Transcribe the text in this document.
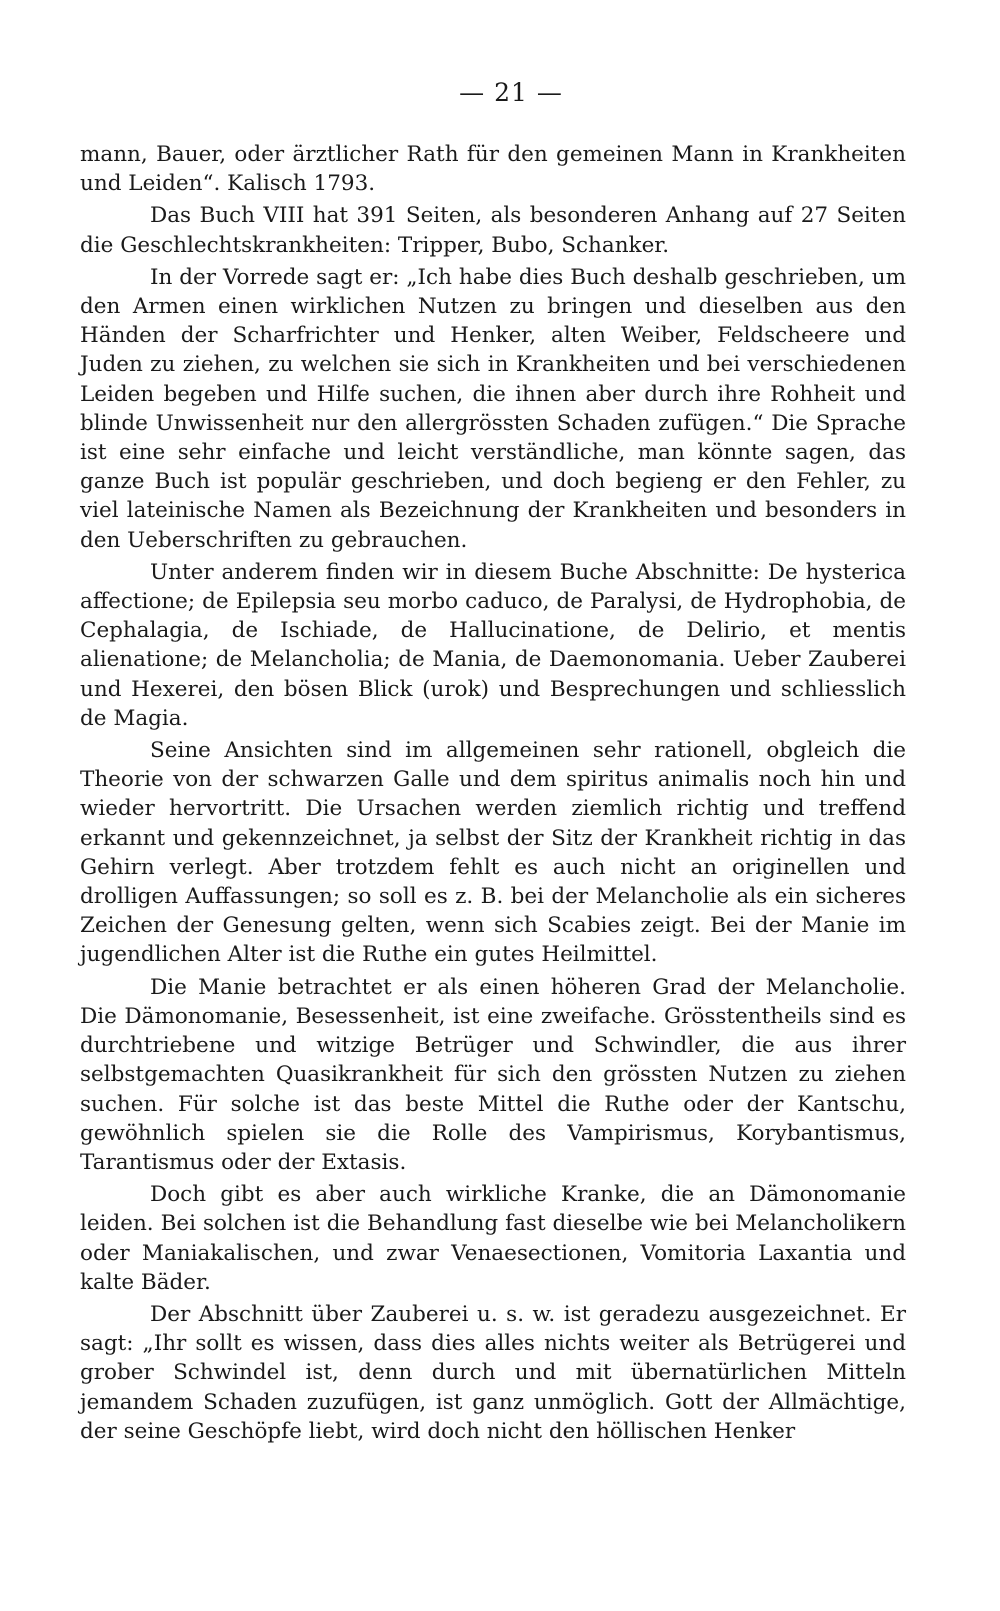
— 21 —

mann, Bauer, oder ärztlicher Rath für den gemeinen Mann in Krankheiten und Leiden“. Kalisch 1793.

Das Buch VIII hat 391 Seiten, als besonderen Anhang auf 27 Seiten die Geschlechtskrankheiten: Tripper, Bubo, Schanker.

In der Vorrede sagt er: „Ich habe dies Buch deshalb geschrieben, um den Armen einen wirklichen Nutzen zu bringen und dieselben aus den Händen der Scharfrichter und Henker, alten Weiber, Feldscheere und Juden zu ziehen, zu welchen sie sich in Krankheiten und bei verschiedenen Leiden begeben und Hilfe suchen, die ihnen aber durch ihre Rohheit und blinde Unwissenheit nur den allergrössten Schaden zufügen.“ Die Sprache ist eine sehr einfache und leicht verständliche, man könnte sagen, das ganze Buch ist populär geschrieben, und doch begieng er den Fehler, zu viel lateinische Namen als Bezeichnung der Krankheiten und besonders in den Ueberschriften zu gebrauchen.

Unter anderem finden wir in diesem Buche Abschnitte: De hysterica affectione; de Epilepsia seu morbo caduco, de Paralysi, de Hydrophobia, de Cephalagia, de Ischiade, de Hallucinatione, de Delirio, et mentis alienatione; de Melancholia; de Mania, de Daemonomania. Ueber Zauberei und Hexerei, den bösen Blick (urok) und Besprechungen und schliesslich de Magia.

Seine Ansichten sind im allgemeinen sehr rationell, obgleich die Theorie von der schwarzen Galle und dem spiritus animalis noch hin und wieder hervortritt. Die Ursachen werden ziemlich richtig und treffend erkannt und gekennzeichnet, ja selbst der Sitz der Krankheit richtig in das Gehirn verlegt. Aber trotzdem fehlt es auch nicht an originellen und drolligen Auffassungen; so soll es z. B. bei der Melancholie als ein sicheres Zeichen der Genesung gelten, wenn sich Scabies zeigt. Bei der Manie im jugendlichen Alter ist die Ruthe ein gutes Heilmittel.

Die Manie betrachtet er als einen höheren Grad der Melancholie. Die Dämonomanie, Besessenheit, ist eine zweifache. Grösstentheils sind es durchtriebene und witzige Betrüger und Schwindler, die aus ihrer selbstgemachten Quasikrankheit für sich den grössten Nutzen zu ziehen suchen. Für solche ist das beste Mittel die Ruthe oder der Kantschu, gewöhnlich spielen sie die Rolle des Vampirismus, Korybantismus, Tarantismus oder der Extasis.

Doch gibt es aber auch wirkliche Kranke, die an Dämonomanie leiden. Bei solchen ist die Behandlung fast dieselbe wie bei Melancholikern oder Maniakalischen, und zwar Venaesectionen, Vomitoria Laxantia und kalte Bäder.

Der Abschnitt über Zauberei u. s. w. ist geradezu ausgezeichnet. Er sagt: „Ihr sollt es wissen, dass dies alles nichts weiter als Betrügerei und grober Schwindel ist, denn durch und mit übernatürlichen Mitteln jemandem Schaden zuzufügen, ist ganz unmöglich. Gott der Allmächtige, der seine Geschöpfe liebt, wird doch nicht den höllischen Henker
